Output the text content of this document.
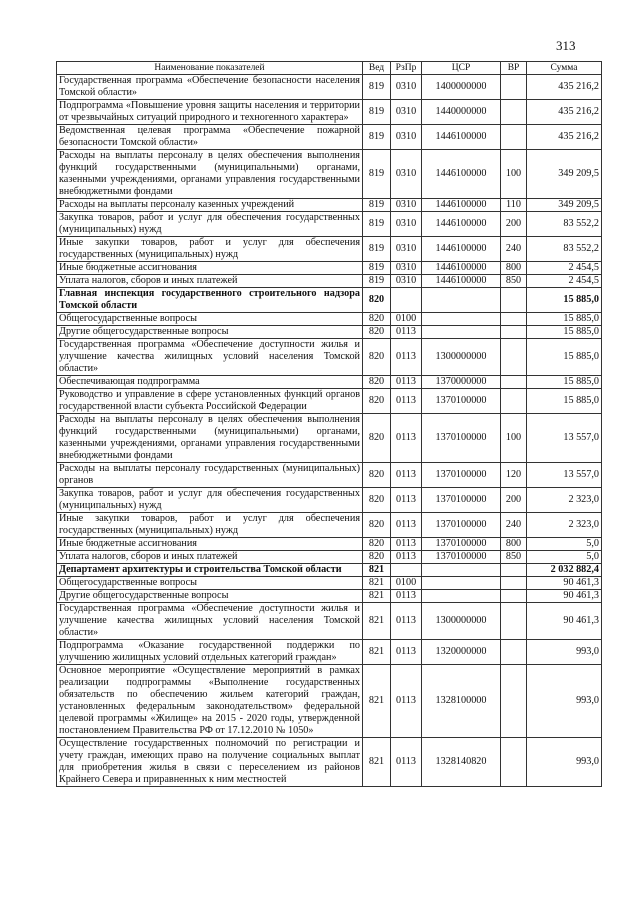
313
Наименование показателей	Вед	РзПр	ЦСР	ВР	Сумма
Государственная программа «Обеспечение безопасности населения Томской области»	819	0310	1400000000		435 216,2
Подпрограмма «Повышение уровня защиты населения и территории от чрезвычайных ситуаций природного и техногенного характера»	819	0310	1440000000		435 216,2
Ведомственная целевая программа «Обеспечение пожарной безопасности Томской области»	819	0310	1446100000		435 216,2
Расходы на выплаты персоналу в целях обеспечения выполнения функций государственными (муниципальными) органами, казенными учреждениями, органами управления государственными внебюджетными фондами	819	0310	1446100000	100	349 209,5
Расходы на выплаты персоналу казенных учреждений	819	0310	1446100000	110	349 209,5
Закупка товаров, работ и услуг для обеспечения государственных (муниципальных) нужд	819	0310	1446100000	200	83 552,2
Иные закупки товаров, работ и услуг для обеспечения государственных (муниципальных) нужд	819	0310	1446100000	240	83 552,2
Иные бюджетные ассигнования	819	0310	1446100000	800	2 454,5
Уплата налогов, сборов и иных платежей	819	0310	1446100000	850	2 454,5
Главная инспекция государственного строительного надзора Томской области	820				15 885,0
Общегосударственные вопросы	820	0100			15 885,0
Другие общегосударственные вопросы	820	0113			15 885,0
Государственная программа «Обеспечение доступности жилья и улучшение качества жилищных условий населения Томской области»	820	0113	1300000000		15 885,0
Обеспечивающая подпрограмма	820	0113	1370000000		15 885,0
Руководство и управление в сфере установленных функций органов государственной власти субъекта Российской Федерации	820	0113	1370100000		15 885,0
Расходы на выплаты персоналу в целях обеспечения выполнения функций государственными (муниципальными) органами, казенными учреждениями, органами управления государственными внебюджетными фондами	820	0113	1370100000	100	13 557,0
Расходы на выплаты персоналу государственных (муниципальных) органов	820	0113	1370100000	120	13 557,0
Закупка товаров, работ и услуг для обеспечения государственных (муниципальных) нужд	820	0113	1370100000	200	2 323,0
Иные закупки товаров, работ и услуг для обеспечения государственных (муниципальных) нужд	820	0113	1370100000	240	2 323,0
Иные бюджетные ассигнования	820	0113	1370100000	800	5,0
Уплата налогов, сборов и иных платежей	820	0113	1370100000	850	5,0
Департамент архитектуры и строительства Томской области	821				2 032 882,4
Общегосударственные вопросы	821	0100			90 461,3
Другие общегосударственные вопросы	821	0113			90 461,3
Государственная программа «Обеспечение доступности жилья и улучшение качества жилищных условий населения Томской области»	821	0113	1300000000		90 461,3
Подпрограмма «Оказание государственной поддержки по улучшению жилищных условий отдельных категорий граждан»	821	0113	1320000000		993,0
Основное мероприятие «Осуществление мероприятий в рамках реализации подпрограммы «Выполнение государственных обязательств по обеспечению жильем категорий граждан, установленных федеральным законодательством» федеральной целевой программы «Жилище» на 2015 - 2020 годы, утвержденной постановлением Правительства РФ от 17.12.2010 № 1050»	821	0113	1328100000		993,0
Осуществление государственных полномочий по регистрации и учету граждан, имеющих право на получение социальных выплат для приобретения жилья в связи с переселением из районов Крайнего Севера и приравненных к ним местностей	821	0113	1328140820		993,0
